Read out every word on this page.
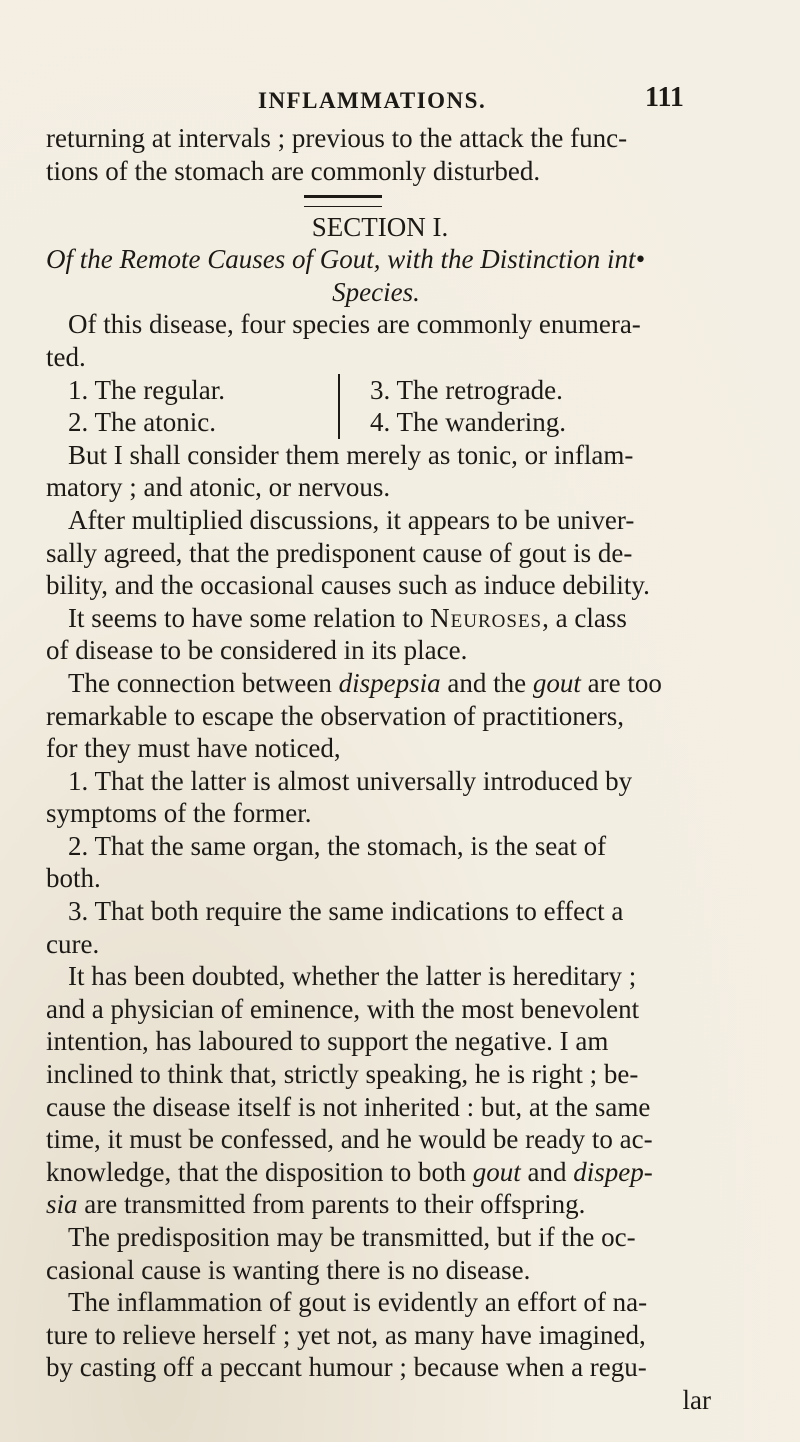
INFLAMMATIONS.	111
returning at intervals ; previous to the attack the func-
tions of the stomach are commonly disturbed.
SECTION I.
Of the Remote Causes of Gout, with the Distinction int•
Species.
Of this disease, four species are commonly enumera-
ted.
1. The regular.
2. The atonic.
3. The retrograde.
4. The wandering.
But I shall consider them merely as tonic, or inflam-
matory ; and atonic, or nervous.
After multiplied discussions, it appears to be univer-
sally agreed, that the predisponent cause of gout is de-
bility, and the occasional causes such as induce debility.
It seems to have some relation to Neuroses, a class
of disease to be considered in its place.
The connection between dispepsia and the gout are too
remarkable to escape the observation of practitioners,
for they must have noticed,
1. That the latter is almost universally introduced by
symptoms of the former.
2. That the same organ, the stomach, is the seat of
both.
3. That both require the same indications to effect a
cure.
It has been doubted, whether the latter is hereditary ;
and a physician of eminence, with the most benevolent
intention, has laboured to support the negative. I am
inclined to think that, strictly speaking, he is right ; be-
cause the disease itself is not inherited : but, at the same
time, it must be confessed, and he would be ready to ac-
knowledge, that the disposition to both gout and dispep-
sia are transmitted from parents to their offspring.
The predisposition may be transmitted, but if the oc-
casional cause is wanting there is no disease.
The inflammation of gout is evidently an effort of na-
ture to relieve herself ; yet not, as many have imagined,
by casting off a peccant humour ; because when a regu-
lar
